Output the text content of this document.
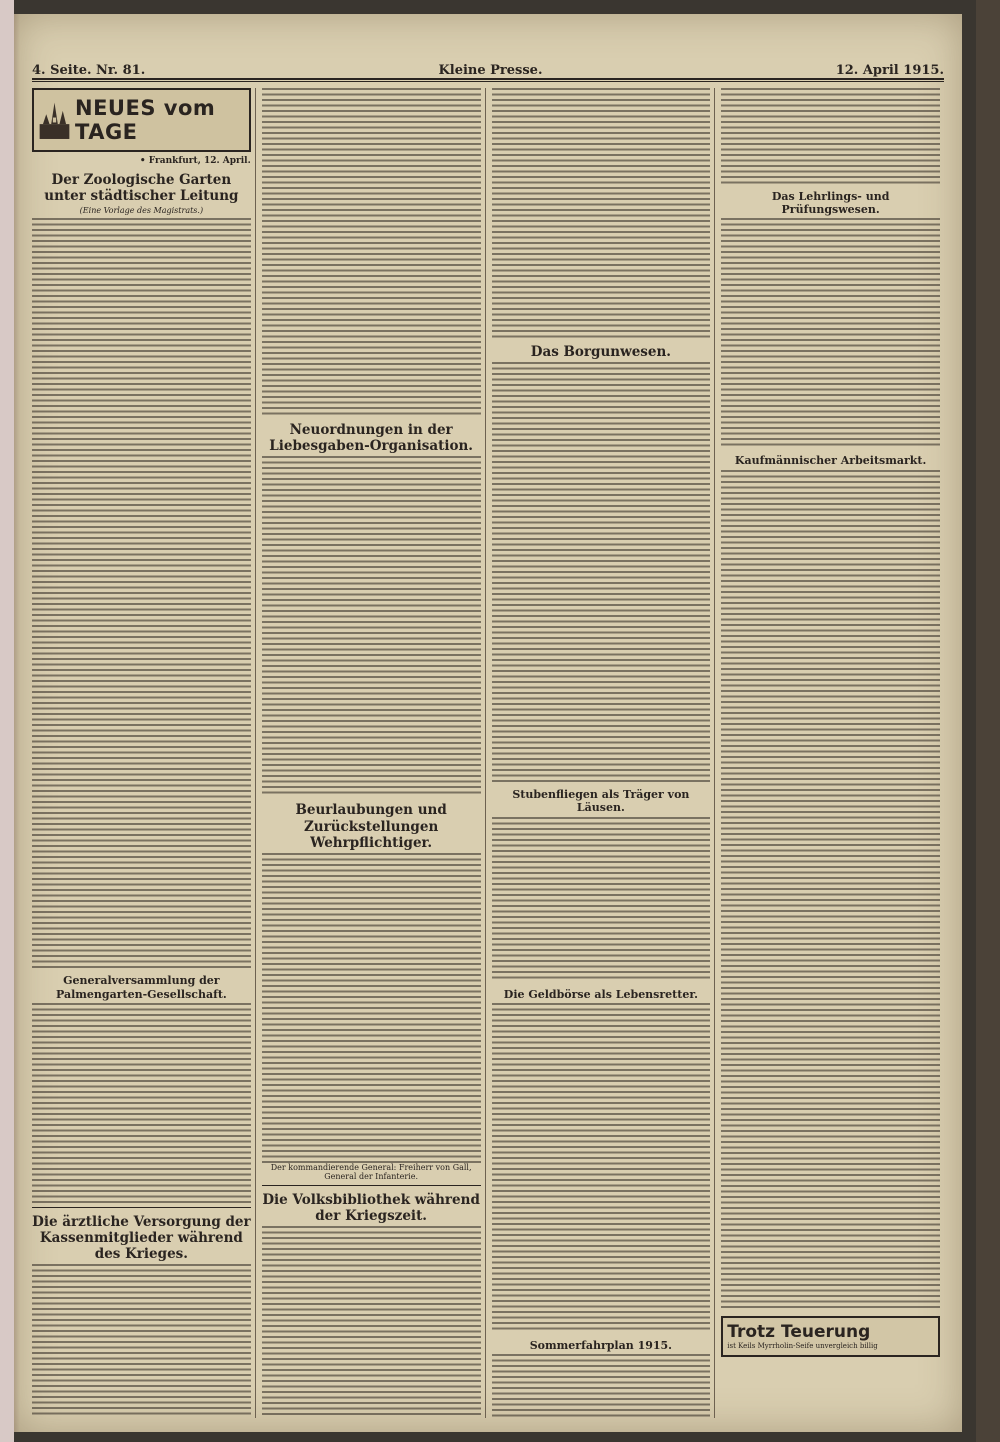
4. Seite. Nr. 81.	Kleine Presse.	12. April 1915.
NEUES vom TAGE
• Frankfurt, 12. April.
Der Zoologische Garten unter städtischer Leitung
(Eine Vorlage des Magistrats.)
Generalversammlung der Palmengarten-Gesellschaft.
Die ärztliche Versorgung der Kassenmitglieder während des Krieges.
Neuordnungen in der Liebesgaben-Organisation.
Beurlaubungen und Zurückstellungen Wehrpflichtiger.
Der kommandierende General: Freiherr von Gall, General der Infanterie.
Die Volksbibliothek während der Kriegszeit.
Das Borgunwesen.
Stubenfliegen als Träger von Läusen.
Die Geldbörse als Lebensretter.
Sommerfahrplan 1915.
Das Lehrlings- und Prüfungswesen.
Kaufmännischer Arbeitsmarkt.
Trotz Teuerung
ist Keils Myrrholin-Seife unvergleich billig
